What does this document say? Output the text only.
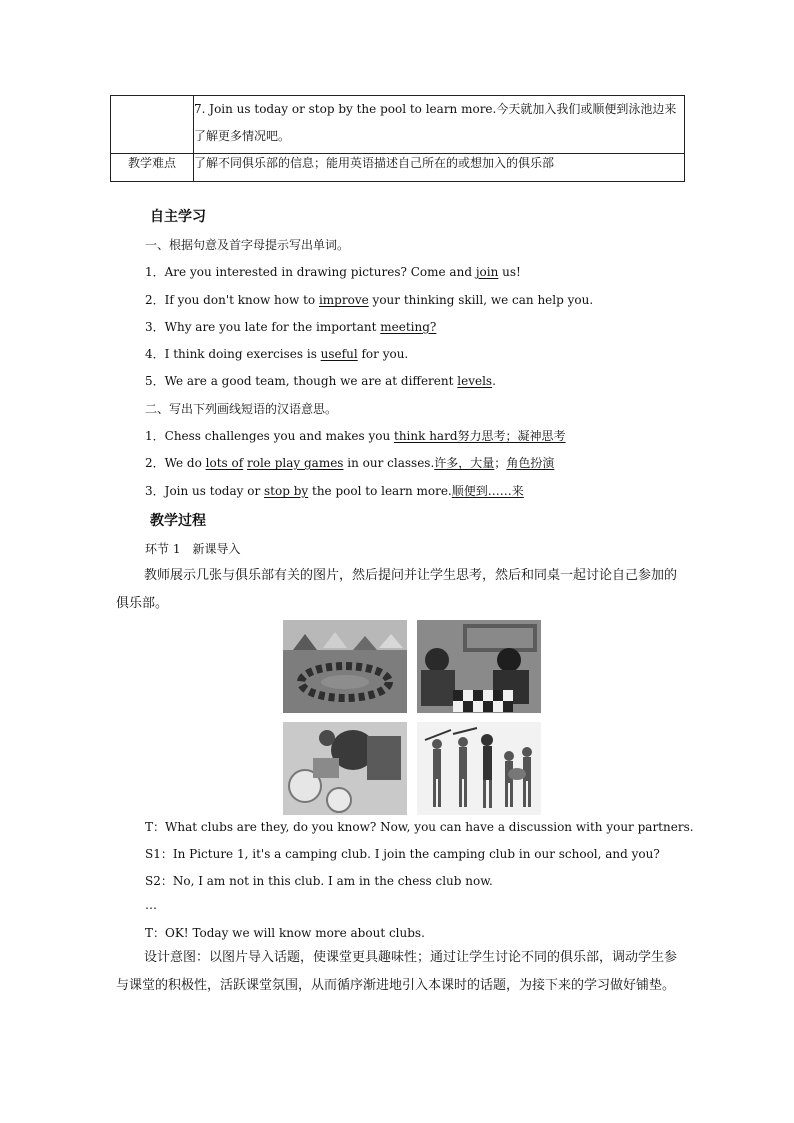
	7. Join us today or stop by the pool to learn more.今天就加入我们或顺便到泳池边来了解更多情况吧。
教学难点	了解不同俱乐部的信息；能用英语描述自己所在的或想加入的俱乐部
自主学习
一、根据句意及首字母提示写出单词。
1．Are you interested in drawing pictures? Come and join us!
2．If you don't know how to improve your thinking skill, we can help you.
3．Why are you late for the important meeting?
4．I think doing exercises is useful for you.
5．We are a good team, though we are at different levels.
二、写出下列画线短语的汉语意思。
1．Chess challenges you and makes you think hard努力思考；凝神思考
2．We do lots of role play games in our classes.许多，大量；角色扮演
3．Join us today or stop by the pool to learn more.顺便到……来
教学过程
环节 1　新课导入
教师展示几张与俱乐部有关的图片，然后提问并让学生思考，然后和同桌一起讨论自己参加的俱乐部。
T：What clubs are they, do you know? Now, you can have a discussion with your partners.
S1：In Picture 1, it's a camping club. I join the camping club in our school, and you?
S2：No, I am not in this club. I am in the chess club now.
…
T：OK! Today we will know more about clubs.
设计意图：以图片导入话题，使课堂更具趣味性；通过让学生讨论不同的俱乐部，调动学生参与课堂的积极性，活跃课堂氛围，从而循序渐进地引入本课时的话题，为接下来的学习做好铺垫。
